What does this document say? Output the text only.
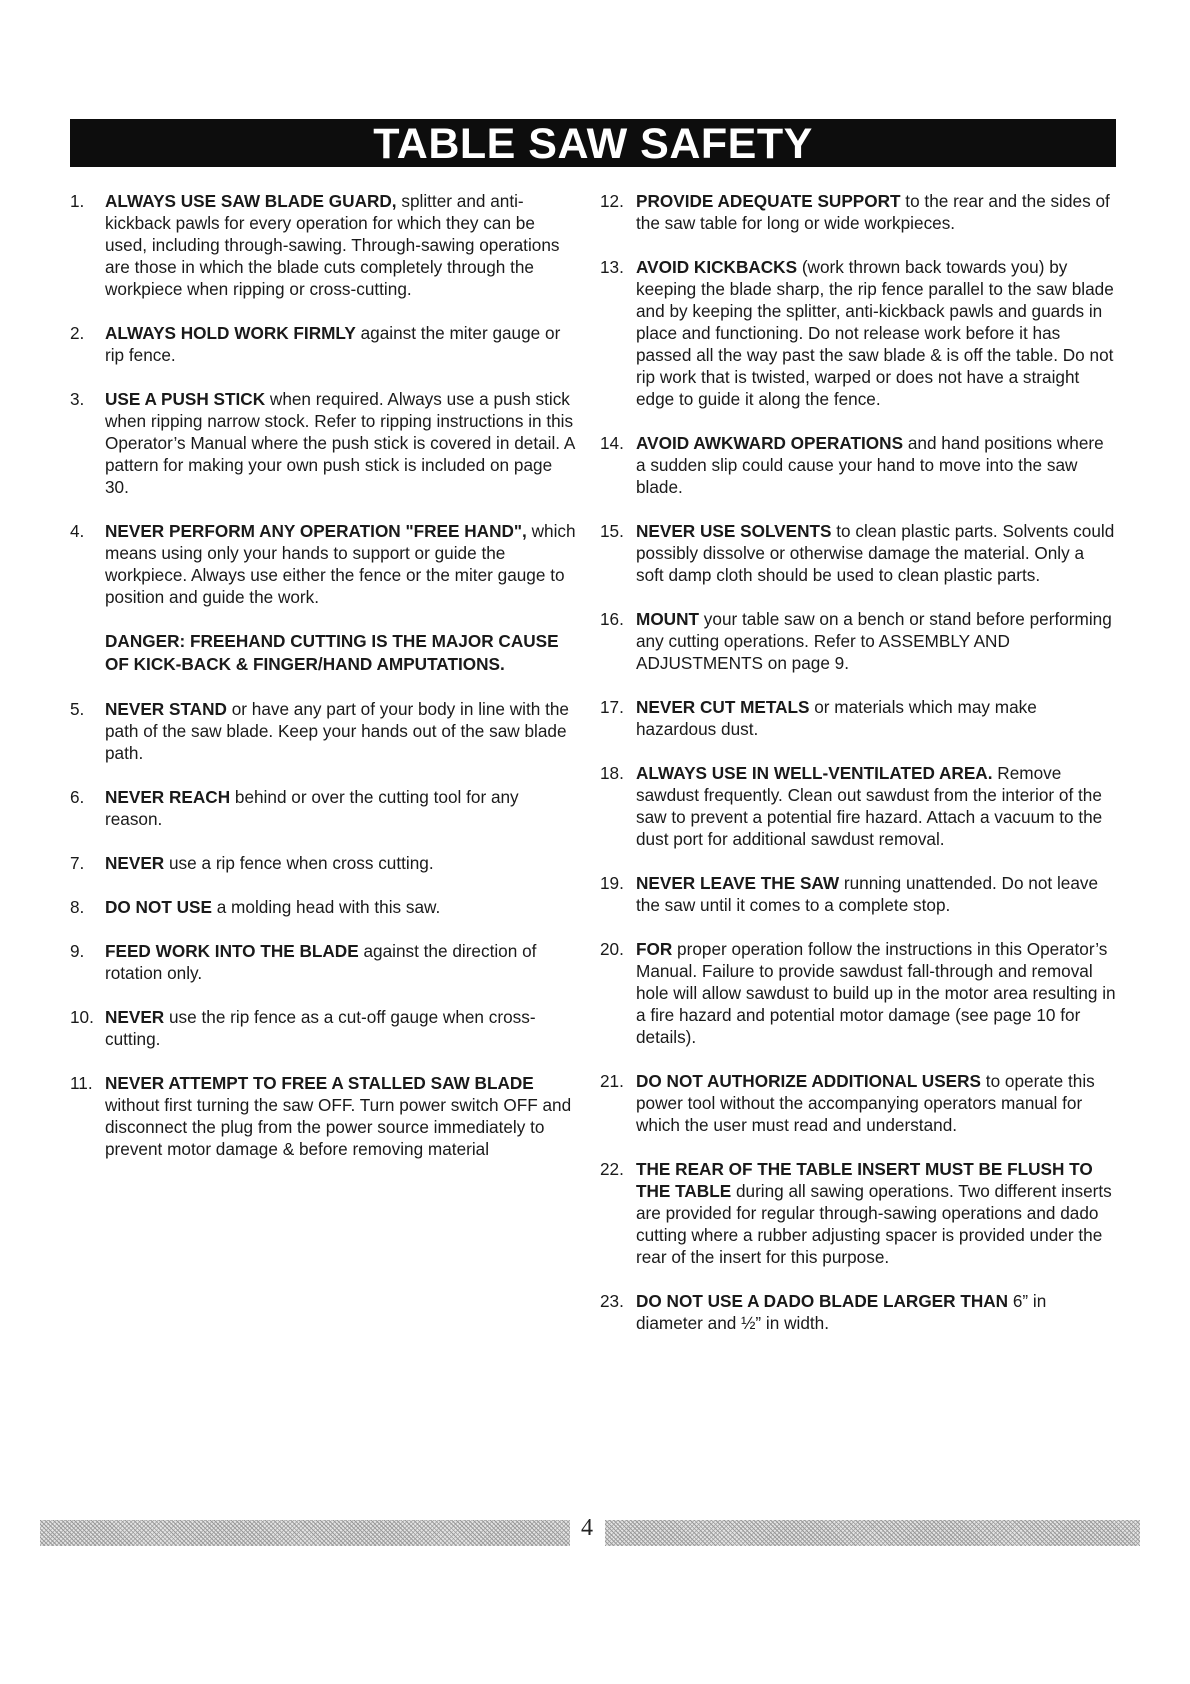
TABLE SAW SAFETY
1.	ALWAYS USE SAW BLADE GUARD, splitter and anti-kickback pawls for every operation for which they can be used, including through-sawing. Through-sawing operations are those in which the blade cuts completely through the workpiece when ripping or cross-cutting.
2.	ALWAYS HOLD WORK FIRMLY against the miter gauge or rip fence.
3.	USE A PUSH STICK when required. Always use a push stick when ripping narrow stock. Refer to ripping instructions in this Operator’s Manual where the push stick is covered in detail. A pattern for making your own push stick is included on page 30.
4.	NEVER PERFORM ANY OPERATION "FREE HAND", which means using only your hands to support or guide the workpiece. Always use either the fence or the miter gauge to position and guide the work.
DANGER: FREEHAND CUTTING IS THE MAJOR CAUSE OF KICK-BACK & FINGER/HAND AMPUTATIONS.
5.	NEVER STAND or have any part of your body in line with the path of the saw blade. Keep your hands out of the saw blade path.
6.	NEVER REACH behind or over the cutting tool for any reason.
7.	NEVER use a rip fence when cross cutting.
8.	DO NOT USE a molding head with this saw.
9.	FEED WORK INTO THE BLADE against the direction of rotation only.
10. NEVER use the rip fence as a cut-off gauge when cross-cutting.
11. NEVER ATTEMPT TO FREE A STALLED SAW BLADE without first turning the saw OFF. Turn power switch OFF and disconnect the plug from the power source immediately to prevent motor damage & before removing material
12. PROVIDE ADEQUATE SUPPORT to the rear and the sides of the saw table for long or wide workpieces.
13. AVOID KICKBACKS (work thrown back towards you) by keeping the blade sharp, the rip fence parallel to the saw blade and by keeping the splitter, anti-kickback pawls and guards in place and functioning. Do not release work before it has passed all the way past the saw blade & is off the table. Do not rip work that is twisted, warped or does not have a straight edge to guide it along the fence.
14. AVOID AWKWARD OPERATIONS and hand positions where a sudden slip could cause your hand to move into the saw blade.
15. NEVER USE SOLVENTS to clean plastic parts. Solvents could possibly dissolve or otherwise damage the material. Only a soft damp cloth should be used to clean plastic parts.
16. MOUNT your table saw on a bench or stand before performing any cutting operations. Refer to ASSEMBLY AND ADJUSTMENTS on page 9.
17. NEVER CUT METALS or materials which may make hazardous dust.
18. ALWAYS USE IN WELL-VENTILATED AREA. Remove sawdust frequently. Clean out sawdust from the interior of the saw to prevent a potential fire hazard. Attach a vacuum to the dust port for additional sawdust removal.
19. NEVER LEAVE THE SAW running unattended. Do not leave the saw until it comes to a complete stop.
20. FOR proper operation follow the instructions in this Operator’s Manual. Failure to provide sawdust fall-through and removal hole will allow sawdust to build up in the motor area resulting in a fire hazard and potential motor damage (see page 10 for details).
21. DO NOT AUTHORIZE ADDITIONAL USERS to operate this power tool without the accompanying operators manual for which the user must read and understand.
22. THE REAR OF THE TABLE INSERT MUST BE FLUSH TO THE TABLE during all sawing operations. Two different inserts are provided for regular through-sawing operations and dado cutting where a rubber adjusting spacer is provided under the rear of the insert for this purpose.
23. DO NOT USE A DADO BLADE LARGER THAN 6” in diameter and ½” in width.
4
